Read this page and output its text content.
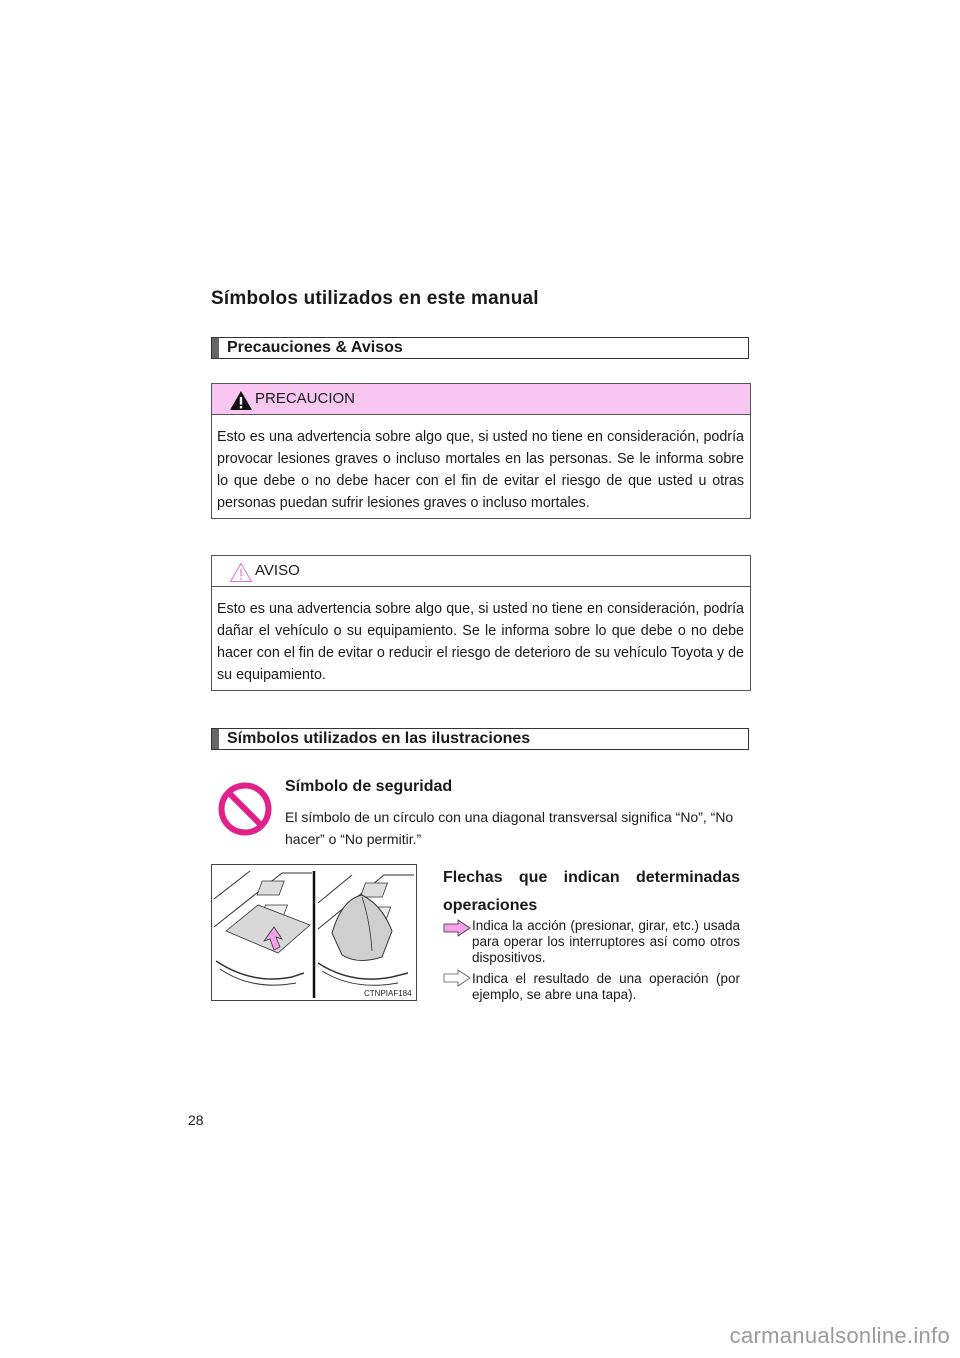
Símbolos utilizados en este manual
Precauciones & Avisos
PRECAUCION
Esto es una advertencia sobre algo que, si usted no tiene en consideración, podría provocar lesiones graves o incluso mortales en las personas. Se le informa sobre lo que debe o no debe hacer con el fin de evitar el riesgo de que usted u otras personas puedan sufrir lesiones graves o incluso mortales.
AVISO
Esto es una advertencia sobre algo que, si usted no tiene en consideración, podría dañar el vehículo o su equipamiento. Se le informa sobre lo que debe o no debe hacer con el fin de evitar o reducir el riesgo de deterioro de su vehículo Toyota y de su equipamiento.
Símbolos utilizados en las ilustraciones
Símbolo de seguridad
El símbolo de un círculo con una diagonal transversal significa “No”, “No hacer” o “No permitir.”
CTNPIAF184
Flechas que indican determinadas operaciones
Indica la acción (presionar, girar, etc.) usada para operar los interruptores así como otros dispositivos.
Indica el resultado de una operación (por ejemplo, se abre una tapa).
28
carmanualsonline.info
